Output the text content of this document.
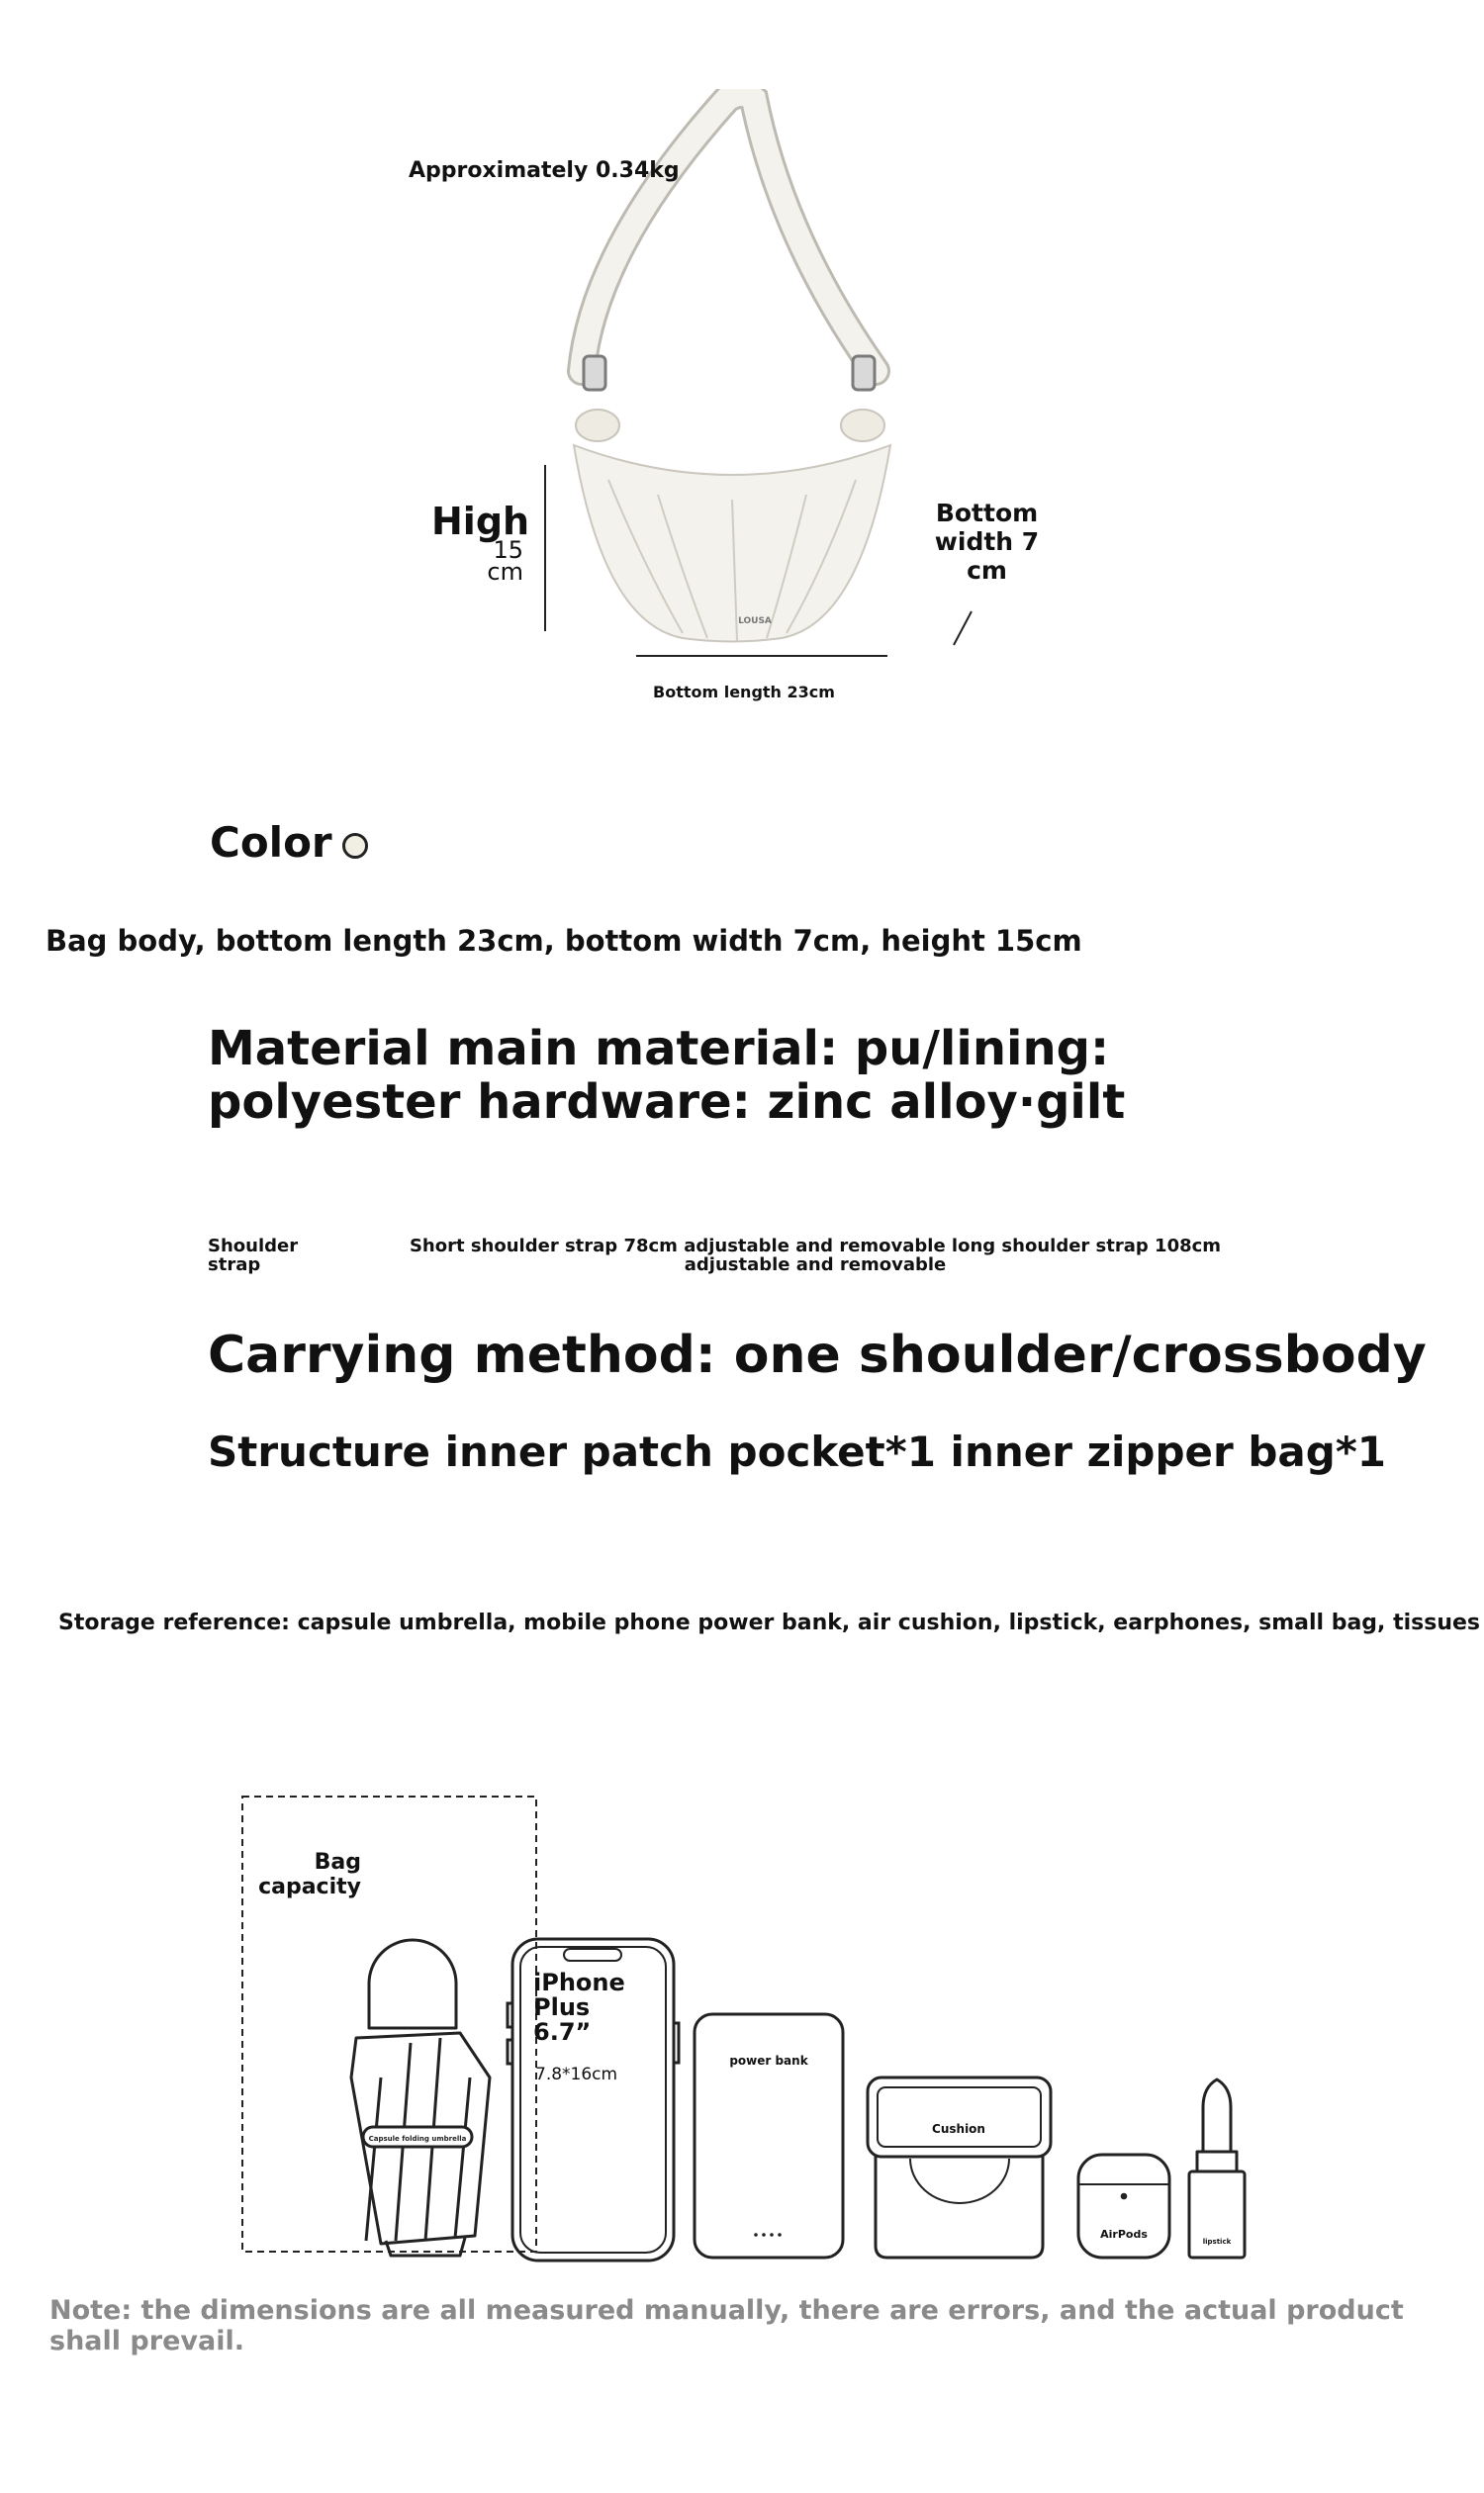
LOUSA
Approximately 0.34kg
High
15
cm
Bottom width 7 cm
Bottom length 23cm
Color
Bag body, bottom length 23cm, bottom width 7cm, height 15cm
Material main material: pu/lining: polyester hardware: zinc alloy·gilt
Shoulder strap
Short shoulder strap 78cm adjustable and removable long shoulder strap 108cm adjustable and removable
Carrying method: one shoulder/crossbody
Structure inner patch pocket*1 inner zipper bag*1
Storage reference: capsule umbrella, mobile phone power bank, air cushion, lipstick, earphones, small bag, tissues
Bag capacity
Capsule folding umbrella
iPhone
Plus
6.7”
7.8*16cm
power bank
Cushion
AirPods
lipstick
Note: the dimensions are all measured manually, there are errors, and the actual product shall prevail.
